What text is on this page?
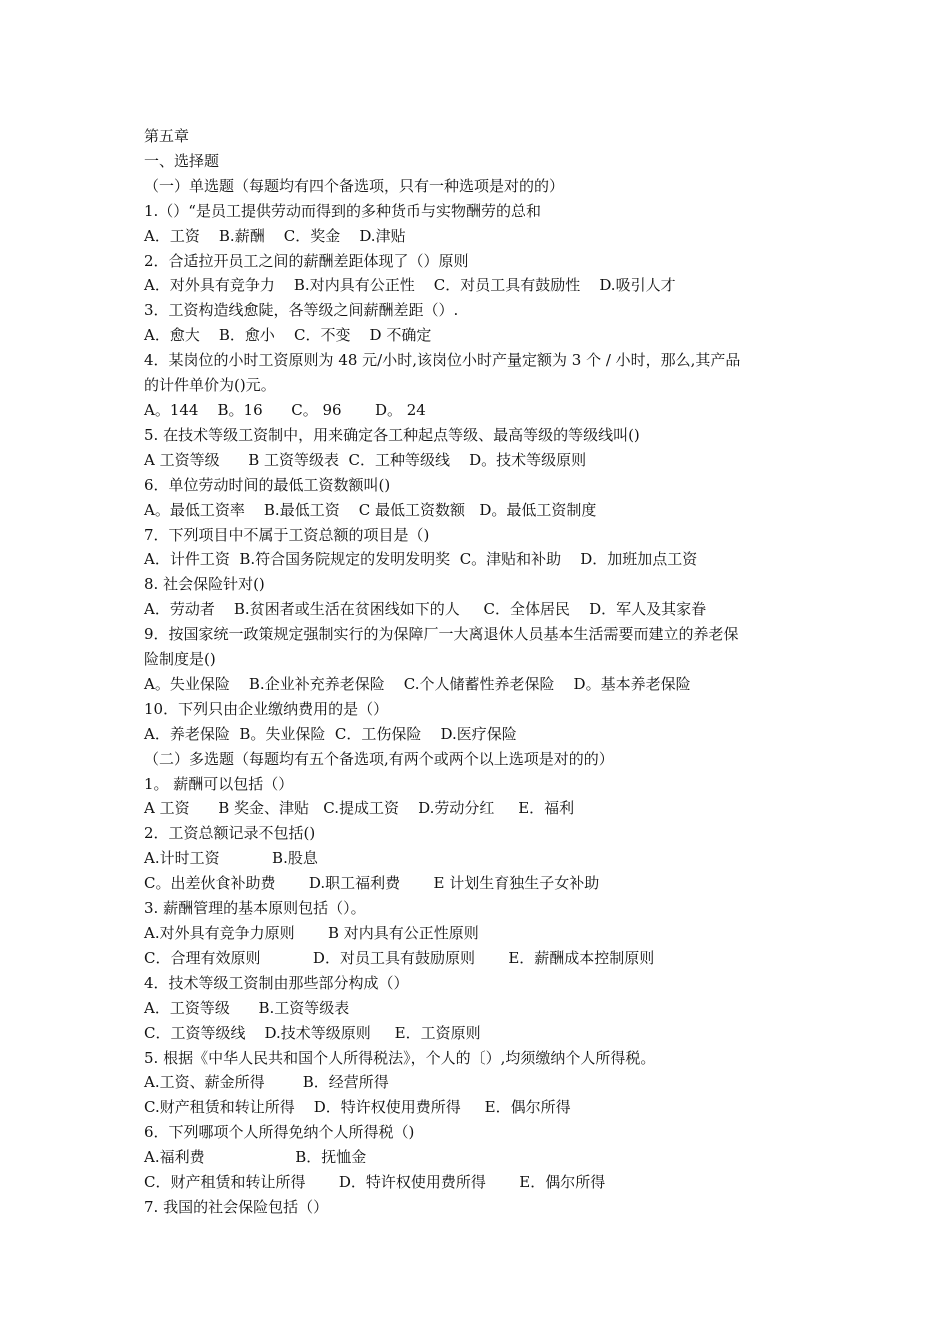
第五章

一、选择题

（一）单选题（每题均有四个备选项，只有一种选项是对的的）

1.（）“是员工提供劳动而得到的多种货币与实物酬劳的总和

A．工资    B.薪酬    C．奖金    D.津贴

2．合适拉开员工之间的薪酬差距体现了（）原则

A．对外具有竞争力    B.对内具有公正性    C．对员工具有鼓励性    D.吸引人才

3．工资构造线愈陡，各等级之间薪酬差距（）.

A．愈大    B．愈小    C．不变    D 不确定

4．某岗位的小时工资原则为 48 元/小时,该岗位小时产量定额为 3 个 / 小时，那么,其产品

的计件单价为()元。

A。144    B。16      C。 96       D。 24

5. 在技术等级工资制中，用来确定各工种起点等级、最高等级的等级线叫()

A 工资等级      B 工资等级表  C．工种等级线    D。技术等级原则

6．单位劳动时间的最低工资数额叫()

A。最低工资率    B.最低工资    C 最低工资数额   D。最低工资制度

7．下列项目中不属于工资总额的项目是（)

A．计件工资  B.符合国务院规定的发明发明奖  C。津贴和补助    D．加班加点工资

8. 社会保险针对()

A．劳动者    B.贫困者或生活在贫困线如下的人     C．全体居民    D．军人及其家眷

9．按国家统一政策规定强制实行的为保障厂一大离退休人员基本生活需要而建立的养老保

险制度是()

A。失业保险    B.企业补充养老保险    C.个人储蓄性养老保险    D。基本养老保险

10．下列只由企业缴纳费用的是（）

A．养老保险  B。失业保险  C．工伤保险    D.医疗保险

（二）多选题（每题均有五个备选项,有两个或两个以上选项是对的的）

1。 薪酬可以包括（）

A 工资      B 奖金、津贴   C.提成工资    D.劳动分红     E．福利

2．工资总额记录不包括()

A.计时工资           B.股息

C。出差伙食补助费       D.职工福利费       E 计划生育独生子女补助

3. 薪酬管理的基本原则包括（）。

A.对外具有竞争力原则       B 对内具有公正性原则

C．合理有效原则           D．对员工具有鼓励原则       E．薪酬成本控制原则

4．技术等级工资制由那些部分构成（）

A．工资等级      B.工资等级表

C．工资等级线    D.技术等级原则     E．工资原则

5. 根据《中华人民共和国个人所得税法》，个人的〔）,均须缴纳个人所得税。

A.工资、薪金所得        B．经营所得

C.财产租赁和转让所得    D．特许权使用费所得     E．偶尔所得

6．下列哪项个人所得免纳个人所得税（)

A.福利费                   B．抚恤金

C．财产租赁和转让所得       D．特许权使用费所得       E．偶尔所得

7. 我国的社会保险包括（）
